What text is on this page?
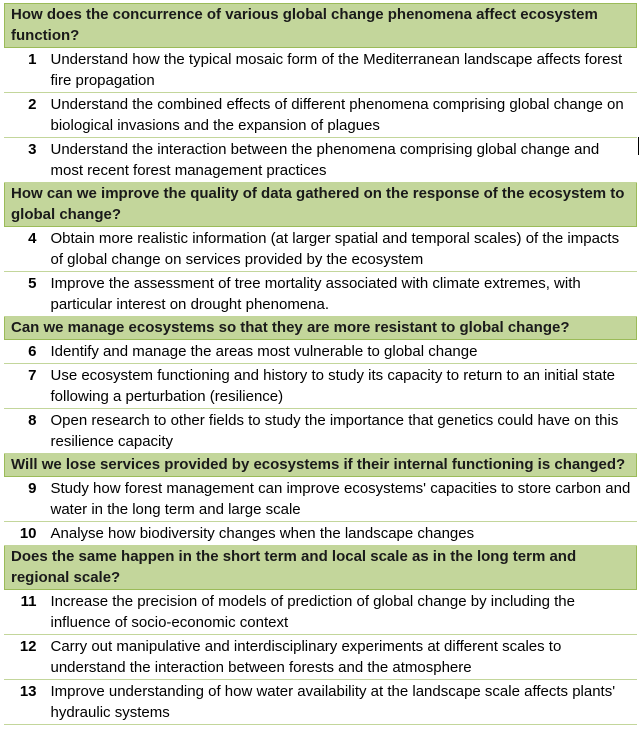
How does the concurrence of various global change phenomena affect ecosystem function?	
1	Understand how the typical mosaic form of the Mediterranean landscape affects forest fire propagation
2	Understand the combined effects of different phenomena comprising global change on biological invasions and the expansion of plagues
3	Understand the interaction between the phenomena comprising global change and most recent forest management practices
How can we improve the quality of data gathered on the response of the ecosystem to global change?	
4	Obtain more realistic information (at larger spatial and temporal scales) of the impacts of global change on services provided by the ecosystem
5	Improve the assessment of tree mortality associated with climate extremes, with particular interest on drought phenomena.
Can we manage ecosystems so that they are more resistant to global change?	
6	Identify and manage the areas most vulnerable to global change
7	Use ecosystem functioning and history to study its capacity to return to an initial state following a perturbation (resilience)
8	Open research to other fields to study the importance that genetics could have on this resilience capacity
Will we lose services provided by ecosystems if their internal functioning is changed?	
9	Study how forest management can improve ecosystems' capacities to store carbon and water in the long term and large scale
10	Analyse how biodiversity changes when the landscape changes
Does the same happen in the short term and local scale as in the long term and regional scale?	
11	Increase the precision of models of prediction of global change by including the influence of socio-economic context
12	Carry out manipulative and interdisciplinary experiments at different scales to understand the interaction between forests and the atmosphere
13	Improve understanding of how water availability at the landscape scale affects plants' hydraulic systems
